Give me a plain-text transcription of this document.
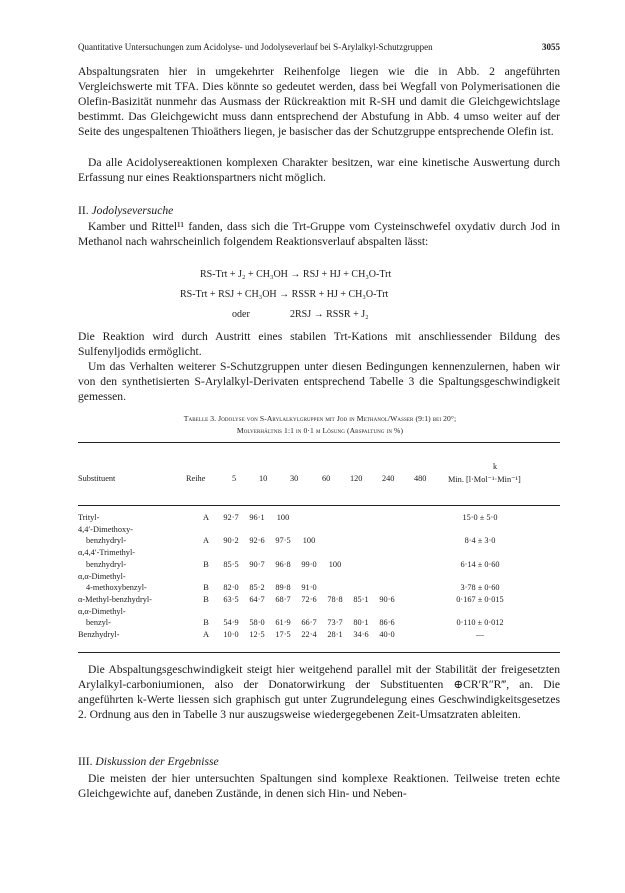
Quantitative Untersuchungen zum Acidolyse- und Jodolyseverlauf bei S-Arylalkyl-Schutzgruppen	3055

Abspaltungsraten hier in umgekehrter Reihenfolge liegen wie die in Abb. 2 angeführten Vergleichswerte mit TFA. Dies könnte so gedeutet werden, dass bei Wegfall von Polymerisationen die Olefin-Basizität nunmehr das Ausmass der Rückreaktion mit R-SH und damit die Gleichgewichtslage bestimmt. Das Gleichgewicht muss dann entsprechend der Abstufung in Abb. 4 umso weiter auf der Seite des ungespaltenen Thioäthers liegen, je basischer das der Schutzgruppe entsprechende Olefin ist.

Da alle Acidolysereaktionen komplexen Charakter besitzen, war eine kinetische Auswertung durch Erfassung nur eines Reaktionspartners nicht möglich.

II. Jodolyseversuche

Kamber und Rittel¹¹ fanden, dass sich die Trt-Gruppe vom Cysteinschwefel oxydativ durch Jod in Methanol nach wahrscheinlich folgendem Reaktionsverlauf abspalten lässt:

RS-Trt + J₂ + CH₃OH → RSJ + HJ + CH₃O-Trt
RS-Trt + RSJ + CH₃OH → RSSR + HJ + CH₃O-Trt
oder	2RSJ → RSSR + J₂

Die Reaktion wird durch Austritt eines stabilen Trt-Kations mit anschliessender Bildung des Sulfenyljodids ermöglicht.

Um das Verhalten weiterer S-Schutzgruppen unter diesen Bedingungen kennenzulernen, haben wir von den synthetisierten S-Arylalkyl-Derivaten entsprechend Tabelle 3 die Spaltungsgeschwindigkeit gemessen.

Tabelle 3. Jodolyse von S-Arylalkylgruppen mit Jod in Methanol/Wasser (9:1) bei 20°;
Molverhältnis 1:1 in 0·1 m Lösung (Abspaltung in %)
Substituent	Reihe	5	10	30	60 120 240 480
k
Min. [l·Mol⁻¹·Min⁻¹]
Trityl-	A	92·7	96·1	100					15·0 ± 5·0
4,4′-Dimethoxy-									
benzhydryl-	A	90·2	92·6	97·5	100				8·4 ± 3·0
α,4,4′-Trimethyl-									
benzhydryl-	B	85·5	90·7	96·8	99·0	100			6·14 ± 0·60
α,α-Dimethyl-									
4-methoxybenzyl-	B	82·0	85·2	89·8	91·0				3·78 ± 0·60
α-Methyl-benzhydryl-	B	63·5	64·7	68·7	72·6	78·8	85·1	90·6	0·167 ± 0·015
α,α-Dimethyl-									
benzyl-	B	54·9	58·0	61·9	66·7	73·7	80·1	86·6	0·110 ± 0·012
Benzhydryl-	A	10·0	12·5	17·5	22·4	28·1	34·6	40·0	—

Die Abspaltungsgeschwindigkeit steigt hier weitgehend parallel mit der Stabilität der freigesetzten Arylalkyl-carboniumionen, also der Donatorwirkung der Substituenten ⊕CR′R″R‴, an. Die angeführten k-Werte liessen sich graphisch gut unter Zugrundelegung eines Geschwindigkeitsgesetzes 2. Ordnung aus den in Tabelle 3 nur auszugsweise wiedergegebenen Zeit-Umsatzraten ableiten.

III. Diskussion der Ergebnisse

Die meisten der hier untersuchten Spaltungen sind komplexe Reaktionen. Teilweise treten echte Gleichgewichte auf, daneben Zustände, in denen sich Hin- und Neben-
